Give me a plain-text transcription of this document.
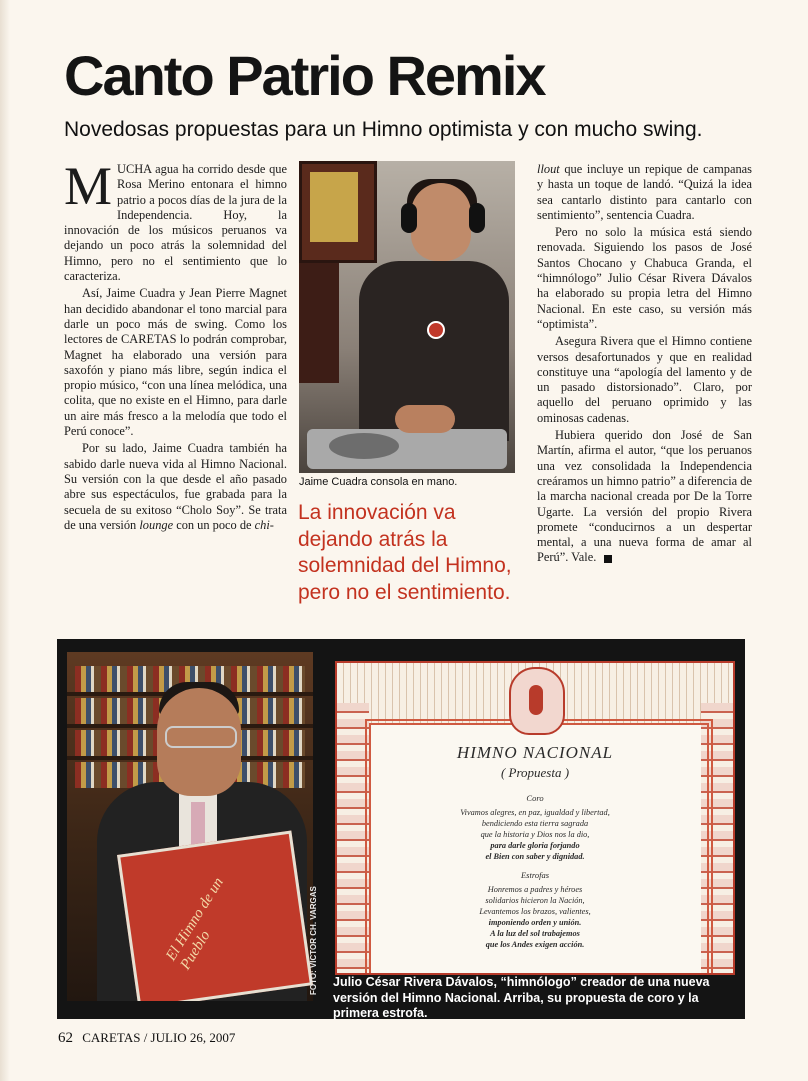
Canto Patrio Remix
Novedosas propuestas para un Himno optimista y con mucho swing.

MUCHA agua ha corrido desde que Rosa Merino entonara el himno patrio a pocos días de la jura de la Independencia. Hoy, la innovación de los músicos peruanos va dejando un poco atrás la solemnidad del Himno, pero no el sentimiento que lo caracteriza.

Así, Jaime Cuadra y Jean Pierre Magnet han decidido abandonar el tono marcial para darle un poco más de swing. Como los lectores de CARETAS lo podrán comprobar, Magnet ha elaborado una versión para saxofón y piano más libre, según indica el propio músico, “con una línea melódica, una colita, que no existe en el Himno, para darle un aire más fresco a la melodía que todo el Perú conoce”.

Por su lado, Jaime Cuadra también ha sabido darle nueva vida al Himno Nacional. Su versión con la que desde el año pasado abre sus espectáculos, fue grabada para la secuela de su exitoso “Cholo Soy”. Se trata de una versión lounge con un poco de chi-

Jaime Cuadra consola en mano.
La innovación va dejando atrás la solemnidad del Himno, pero no el sentimiento.

llout que incluye un repique de campanas y hasta un toque de landó. “Quizá la idea sea cantarlo distinto para cantarlo con sentimiento”, sentencia Cuadra.

Pero no solo la música está siendo renovada. Siguiendo los pasos de José Santos Chocano y Chabuca Granda, el “himnólogo” Julio César Rivera Dávalos ha elaborado su propia letra del Himno Nacional. En este caso, su versión más “optimista”.

Asegura Rivera que el Himno contiene versos desafortunados y que en realidad constituye una “apología del lamento y de un pasado distorsionado”. Claro, por aquello del peruano oprimido y las ominosas cadenas.

Hubiera querido don José de San Martín, afirma el autor, “que los peruanos una vez consolidada la Independencia creáramos un himno patrio” a diferencia de la marcha nacional creada por De la Torre Ugarte. La versión del propio Rivera promete “conducirnos a un despertar mental, a una nueva forma de amar al Perú”. Vale.

El Himno de un Pueblo	FOTO: VÍCTOR CH. VARGAS

HIMNO NACIONAL

( Propuesta )

Coro

Vivamos alegres, en paz, igualdad y libertad,

bendiciendo esta tierra sagrada

que la historia y Dios nos la dio,

para darle gloria forjando

el Bien con saber y dignidad.

Estrofas

Honremos a padres y héroes

solidarios hicieron la Nación,

Levantemos los brazos, valientes,

imponiendo orden y unión.

A la luz del sol trabajemos

que los Andes exigen acción.

Julio César Rivera Dávalos, “himnólogo” creador de una nueva versión del Himno Nacional. Arriba, su propuesta de coro y la primera estrofa.
62 CARETAS / JULIO 26, 2007
